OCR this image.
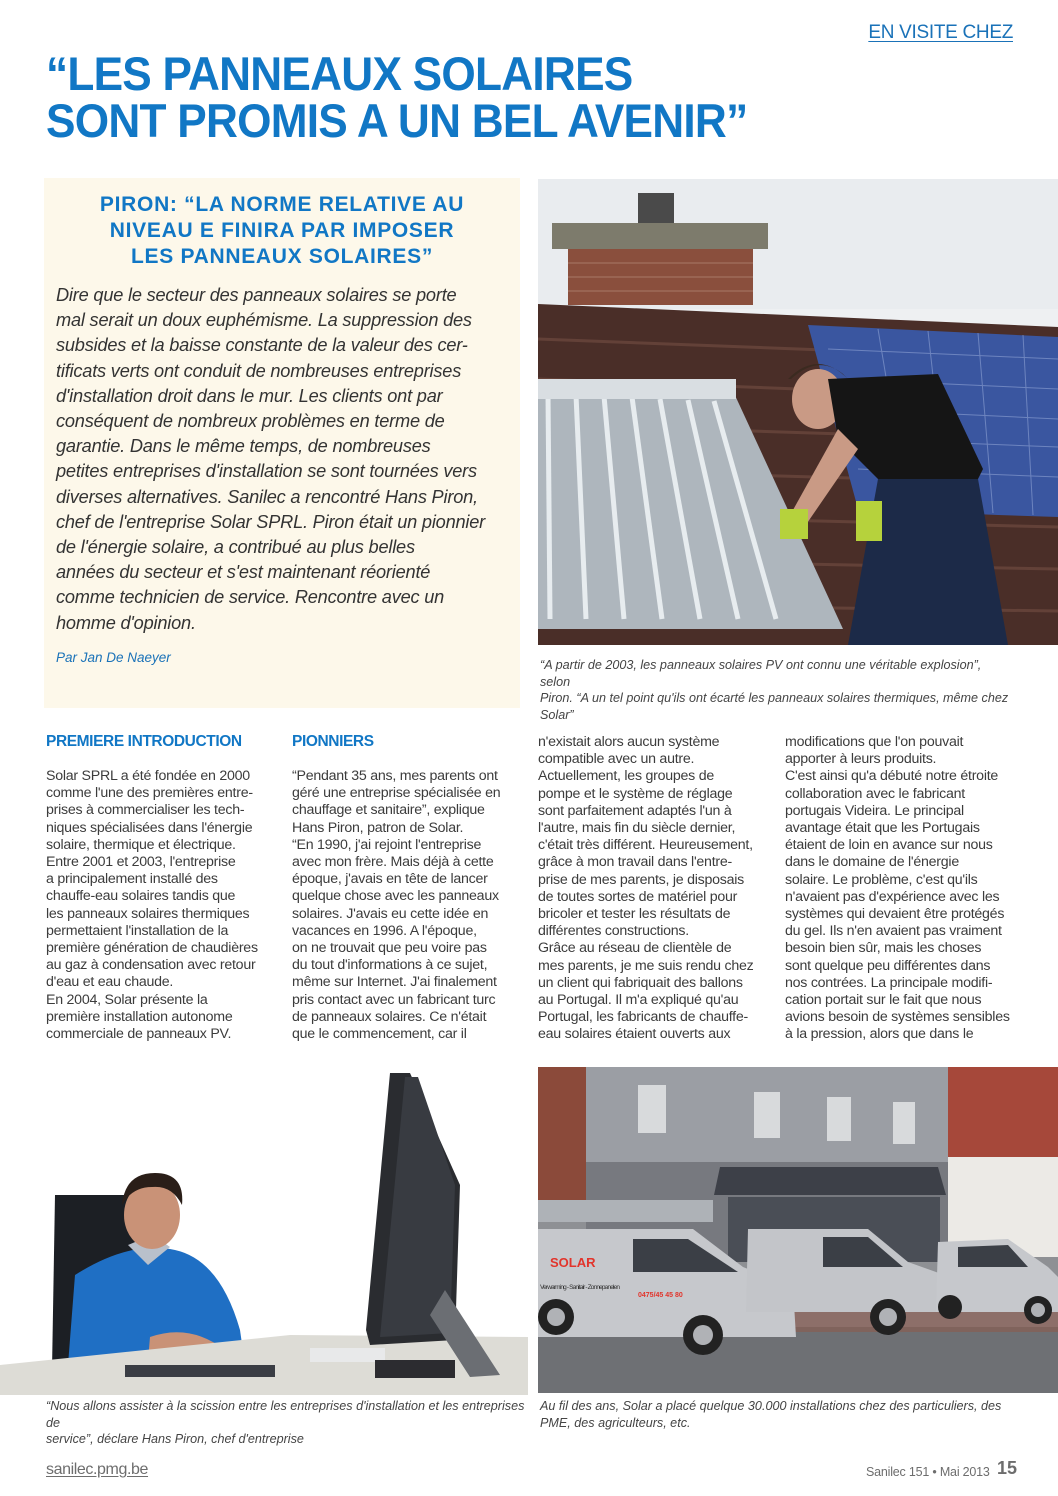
EN VISITE CHEZ
“LES PANNEAUX SOLAIRES
SONT PROMIS A UN BEL AVENIR”
PIRON: “LA NORME RELATIVE AU
NIVEAU E FINIRA PAR IMPOSER
LES PANNEAUX SOLAIRES”
Dire que le secteur des panneaux solaires se porte
mal serait un doux euphémisme. La suppression des
subsides et la baisse constante de la valeur des cer-
tificats verts ont conduit de nombreuses entreprises
d'installation droit dans le mur. Les clients ont par
conséquent de nombreux problèmes en terme de
garantie. Dans le même temps, de nombreuses
petites entreprises d'installation se sont tournées vers
diverses alternatives. Sanilec a rencontré Hans Piron,
chef de l'entreprise Solar SPRL. Piron était un pionnier
de l'énergie solaire, a contribué au plus belles
années du secteur et s'est maintenant réorienté
comme technicien de service. Rencontre avec un
homme d'opinion.
Par Jan De Naeyer	“A partir de 2003, les panneaux solaires PV ont connu une véritable explosion”, selon
Piron. “A un tel point qu'ils ont écarté les panneaux solaires thermiques, même chez
Solar”
PREMIERE INTRODUCTION

Solar SPRL a été fondée en 2000

comme l'une des premières entre-

prises à commercialiser les tech-

niques spécialisées dans l'énergie

solaire, thermique et électrique.

Entre 2001 et 2003, l'entreprise

a principalement installé des

chauffe-eau solaires tandis que

les panneaux solaires thermiques

permettaient l'installation de la

première génération de chaudières

au gaz à condensation avec retour

d'eau et eau chaude.

En 2004, Solar présente la

première installation autonome

commerciale de panneaux PV.

PIONNIERS

“Pendant 35 ans, mes parents ont

géré une entreprise spécialisée en

chauffage et sanitaire”, explique

Hans Piron, patron de Solar.

“En 1990, j'ai rejoint l'entreprise

avec mon frère. Mais déjà à cette

époque, j'avais en tête de lancer

quelque chose avec les panneaux

solaires. J'avais eu cette idée en

vacances en 1996. A l'époque,

on ne trouvait que peu voire pas

du tout d'informations à ce sujet,

même sur Internet. J'ai finalement

pris contact avec un fabricant turc

de panneaux solaires. Ce n'était

que le commencement, car il

n'existait alors aucun système

compatible avec un autre.

Actuellement, les groupes de

pompe et le système de réglage

sont parfaitement adaptés l'un à

l'autre, mais fin du siècle dernier,

c'était très différent. Heureusement,

grâce à mon travail dans l'entre-

prise de mes parents, je disposais

de toutes sortes de matériel pour

bricoler et tester les résultats de

différentes constructions.

Grâce au réseau de clientèle de

mes parents, je me suis rendu chez

un client qui fabriquait des ballons

au Portugal. Il m'a expliqué qu'au

Portugal, les fabricants de chauffe-

eau solaires étaient ouverts aux

modifications que l'on pouvait

apporter à leurs produits.

C'est ainsi qu'a débuté notre étroite

collaboration avec le fabricant

portugais Videira. Le principal

avantage était que les Portugais

étaient de loin en avance sur nous

dans le domaine de l'énergie

solaire. Le problème, c'est qu'ils

n'avaient pas d'expérience avec les

systèmes qui devaient être protégés

du gel. Ils n'en avaient pas vraiment

besoin bien sûr, mais les choses

sont quelque peu différentes dans

nos contrées. La principale modifi-

cation portait sur le fait que nous

avions besoin de systèmes sensibles

à la pression, alors que dans le

“Nous allons assister à la scission entre les entreprises d'installation et les entreprises de
service”, déclare Hans Piron, chef d'entreprise
SOLAR
Verwarming - Sanitair - Zonnepanelen
0475/45 45 80
Au fil des ans, Solar a placé quelque 30.000 installations chez des particuliers, des
PME, des agriculteurs, etc.
sanilec.pmg.be	Sanilec 151 • Mai 2013 15
